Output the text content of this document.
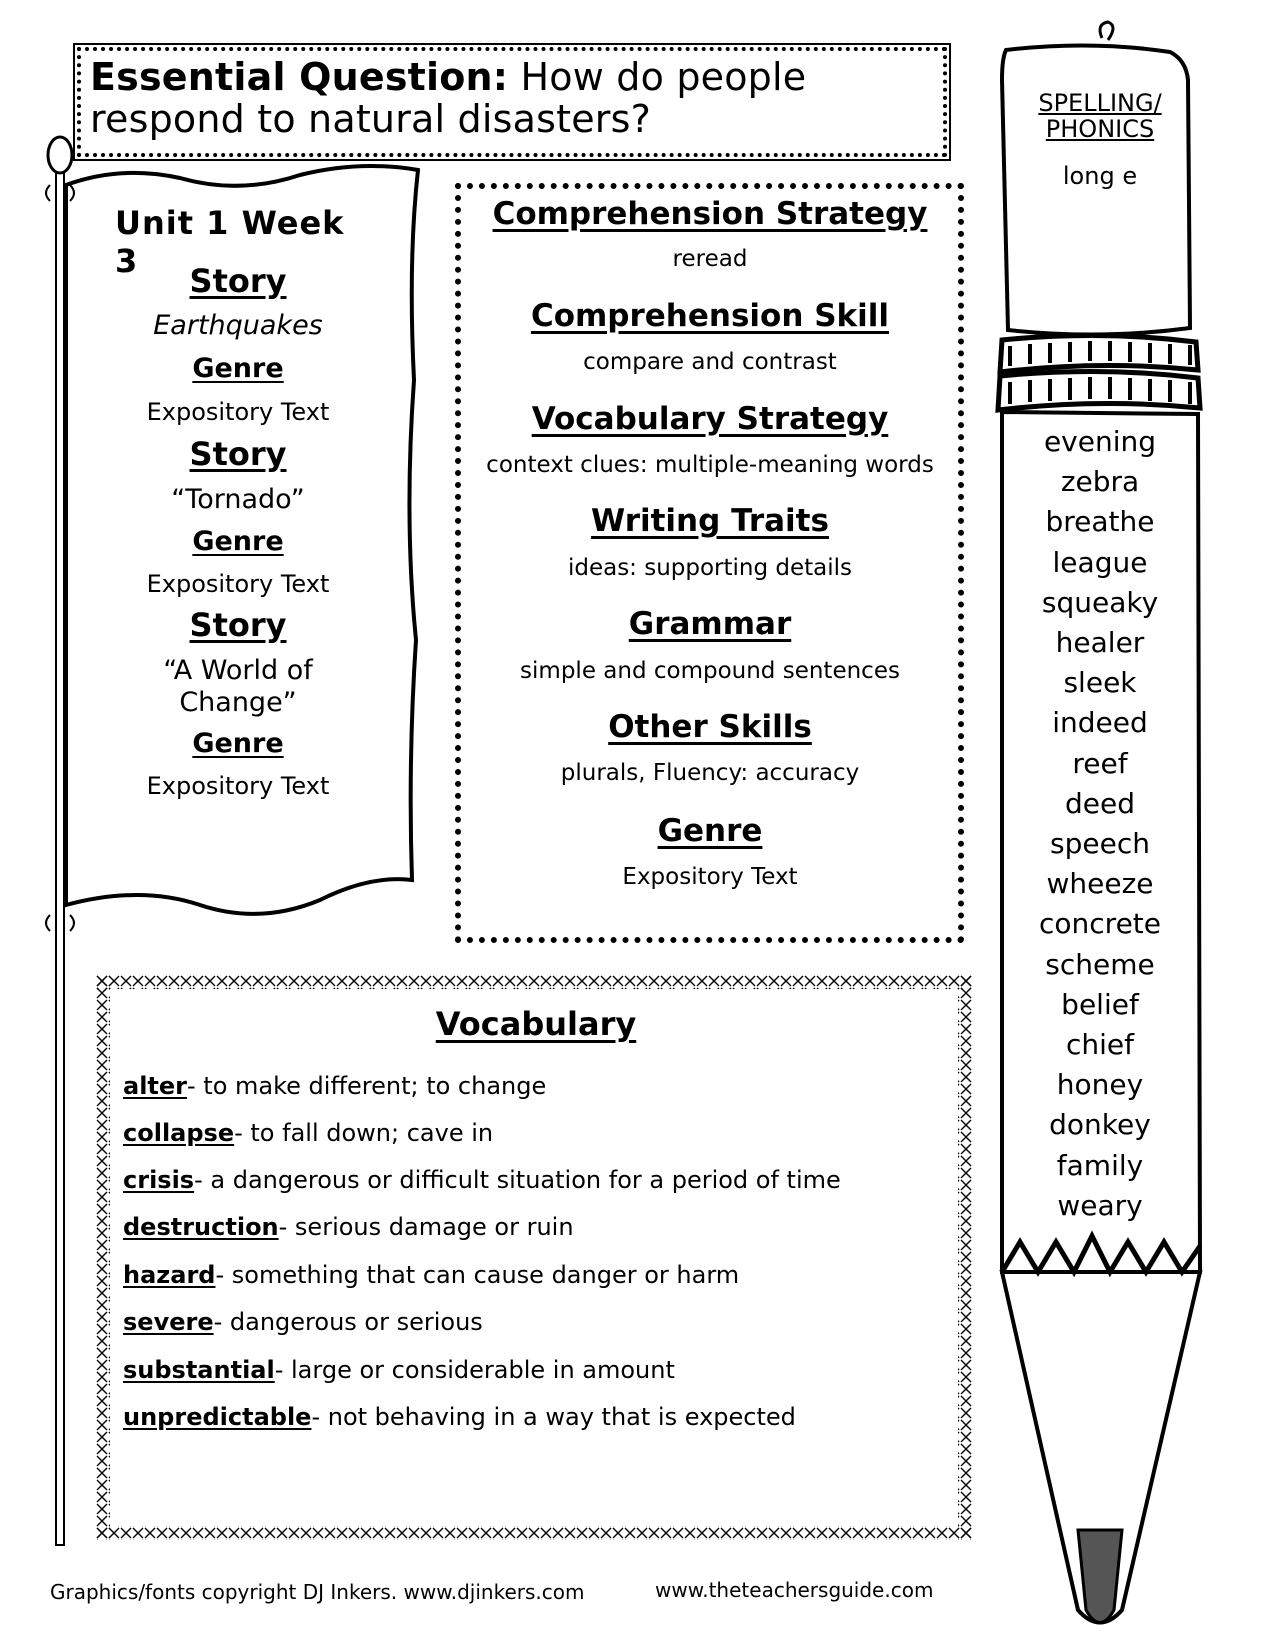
Essential Question: How do people respond to natural disasters?
Unit 1 Week 3
Story
Earthquakes
Genre
Expository Text
Story
“Tornado”
Genre
Expository Text
Story
“A World of Change”
Genre
Expository Text
Comprehension Strategy
reread
Comprehension Skill
compare and contrast
Vocabulary Strategy
context clues: multiple-meaning words
Writing Traits
ideas: supporting details
Grammar
simple and compound sentences
Other Skills
plurals, Fluency: accuracy
Genre
Expository Text
Vocabulary
alter- to make different; to change
collapse- to fall down; cave in
crisis- a dangerous or difficult situation for a period of time
destruction- serious damage or ruin
hazard- something that can cause danger or harm
severe- dangerous or serious
substantial- large or considerable in amount
unpredictable- not behaving in a way that is expected
SPELLING/ PHONICS
long e
evening
zebra
breathe
league
squeaky
healer
sleek
indeed
reef
deed
speech
wheeze
concrete
scheme
belief
chief
honey
donkey
family
weary
Graphics/fonts copyright DJ Inkers. www.djinkers.com	www.theteachersguide.com
